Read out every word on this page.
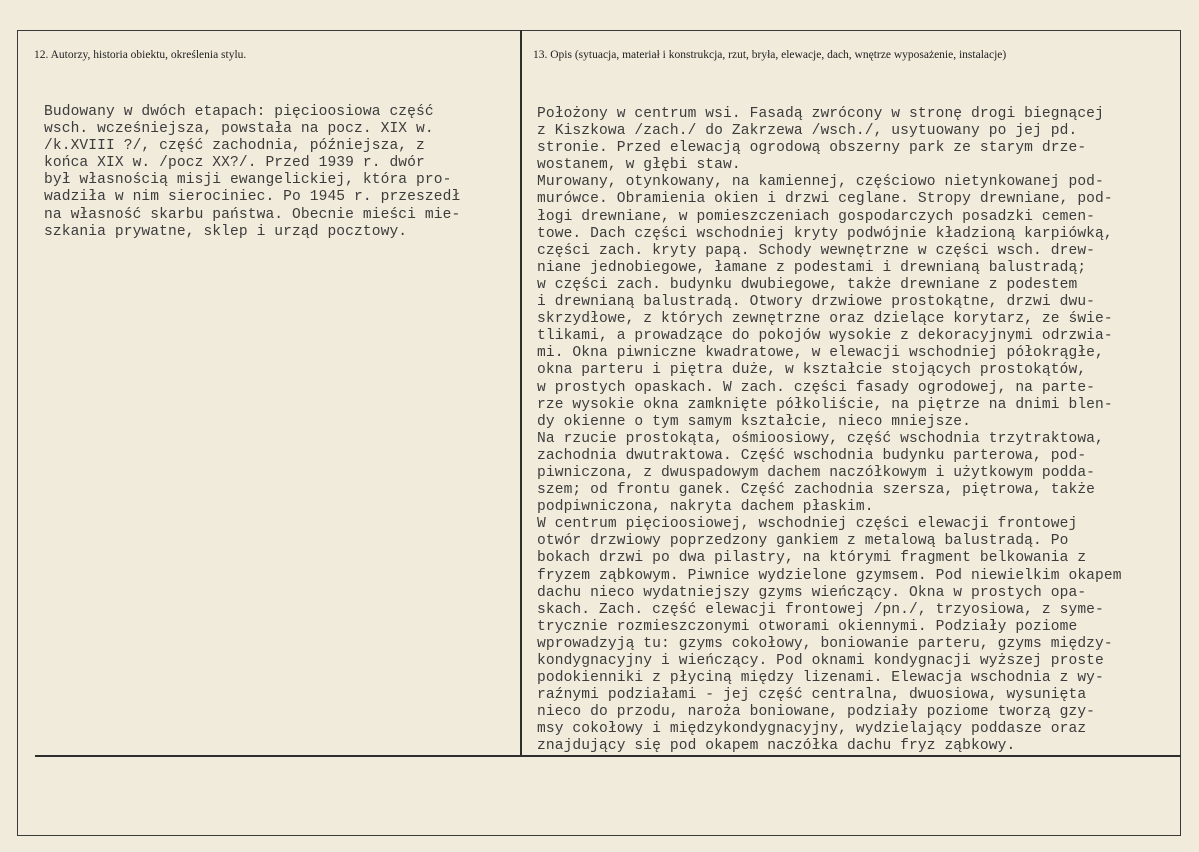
12. Autorzy, historia obiektu, określenia stylu.	13. Opis (sytuacja, materiał i konstrukcja, rzut, bryła, elewacje, dach, wnętrze wyposażenie, instalacje)
Budowany w dwóch etapach: pięcioosiowa część
wsch. wcześniejsza, powstała na pocz. XIX w.
/k.XVIII ?/, część zachodnia, późniejsza, z
końca XIX w. /pocz XX?/. Przed 1939 r. dwór
był własnością misji ewangelickiej, która pro-
wadziła w nim sierociniec. Po 1945 r. przeszedł
na własność skarbu państwa. Obecnie mieści mie-
szkania prywatne, sklep i urząd pocztowy.
Położony w centrum wsi. Fasadą zwrócony w stronę drogi biegnącej
z Kiszkowa /zach./ do Zakrzewa /wsch./, usytuowany po jej pd.
stronie. Przed elewacją ogrodową obszerny park ze starym drze-
wostanem, w głębi staw.
Murowany, otynkowany, na kamiennej, częściowo nietynkowanej pod-
murówce. Obramienia okien i drzwi ceglane. Stropy drewniane, pod-
łogi drewniane, w pomieszczeniach gospodarczych posadzki cemen-
towe. Dach części wschodniej kryty podwójnie kładzioną karpiówką,
części zach. kryty papą. Schody wewnętrzne w części wsch. drew-
niane jednobiegowe, łamane z podestami i drewnianą balustradą;
w części zach. budynku dwubiegowe, także drewniane z podestem
i drewnianą balustradą. Otwory drzwiowe prostokątne, drzwi dwu-
skrzydłowe, z których zewnętrzne oraz dzielące korytarz, ze świe-
tlikami, a prowadzące do pokojów wysokie z dekoracyjnymi odrzwia-
mi. Okna piwniczne kwadratowe, w elewacji wschodniej półokrągłe,
okna parteru i piętra duże, w kształcie stojących prostokątów,
w prostych opaskach. W zach. części fasady ogrodowej, na parte-
rze wysokie okna zamknięte półkoliście, na piętrze na dnimi blen-
dy okienne o tym samym kształcie, nieco mniejsze.
Na rzucie prostokąta, ośmioosiowy, część wschodnia trzytraktowa,
zachodnia dwutraktowa. Część wschodnia budynku parterowa, pod-
piwniczona, z dwuspadowym dachem naczółkowym i użytkowym poddа-
szem; od frontu ganek. Część zachodnia szersza, piętrowa, także
podpiwniczona, nakryta dachem płaskim.
W centrum pięcioosiowej, wschodniej części elewacji frontowej
otwór drzwiowy poprzedzony gankiem z metalową balustradą. Po
bokach drzwi po dwa pilastry, na którymi fragment belkowania z
fryzem ząbkowym. Piwnice wydzielone gzymsem. Pod niewielkim okapem
dachu nieco wydatniejszy gzyms wieńczący. Okna w prostych opa-
skach. Zach. część elewacji frontowej /pn./, trzyosiowa, z syme-
trycznie rozmieszczonymi otworami okiennymi. Podziały poziome
wprowadzyją tu: gzyms cokołowy, boniowanie parteru, gzyms między-
kondygnacyjny i wieńczący. Pod oknami kondygnacji wyższej proste
podokienniki z płyciną między lizenami. Elewacja wschodnia z wy-
raźnymi podziałami - jej część centralna, dwuosiowa, wysunięta
nieco do przodu, naroża boniowane, podziały poziome tworzą gzy-
msy cokołowy i międzykondygnacyjny, wydzielający poddasze oraz
znajdujący się pod okapem naczółka dachu fryz ząbkowy.
